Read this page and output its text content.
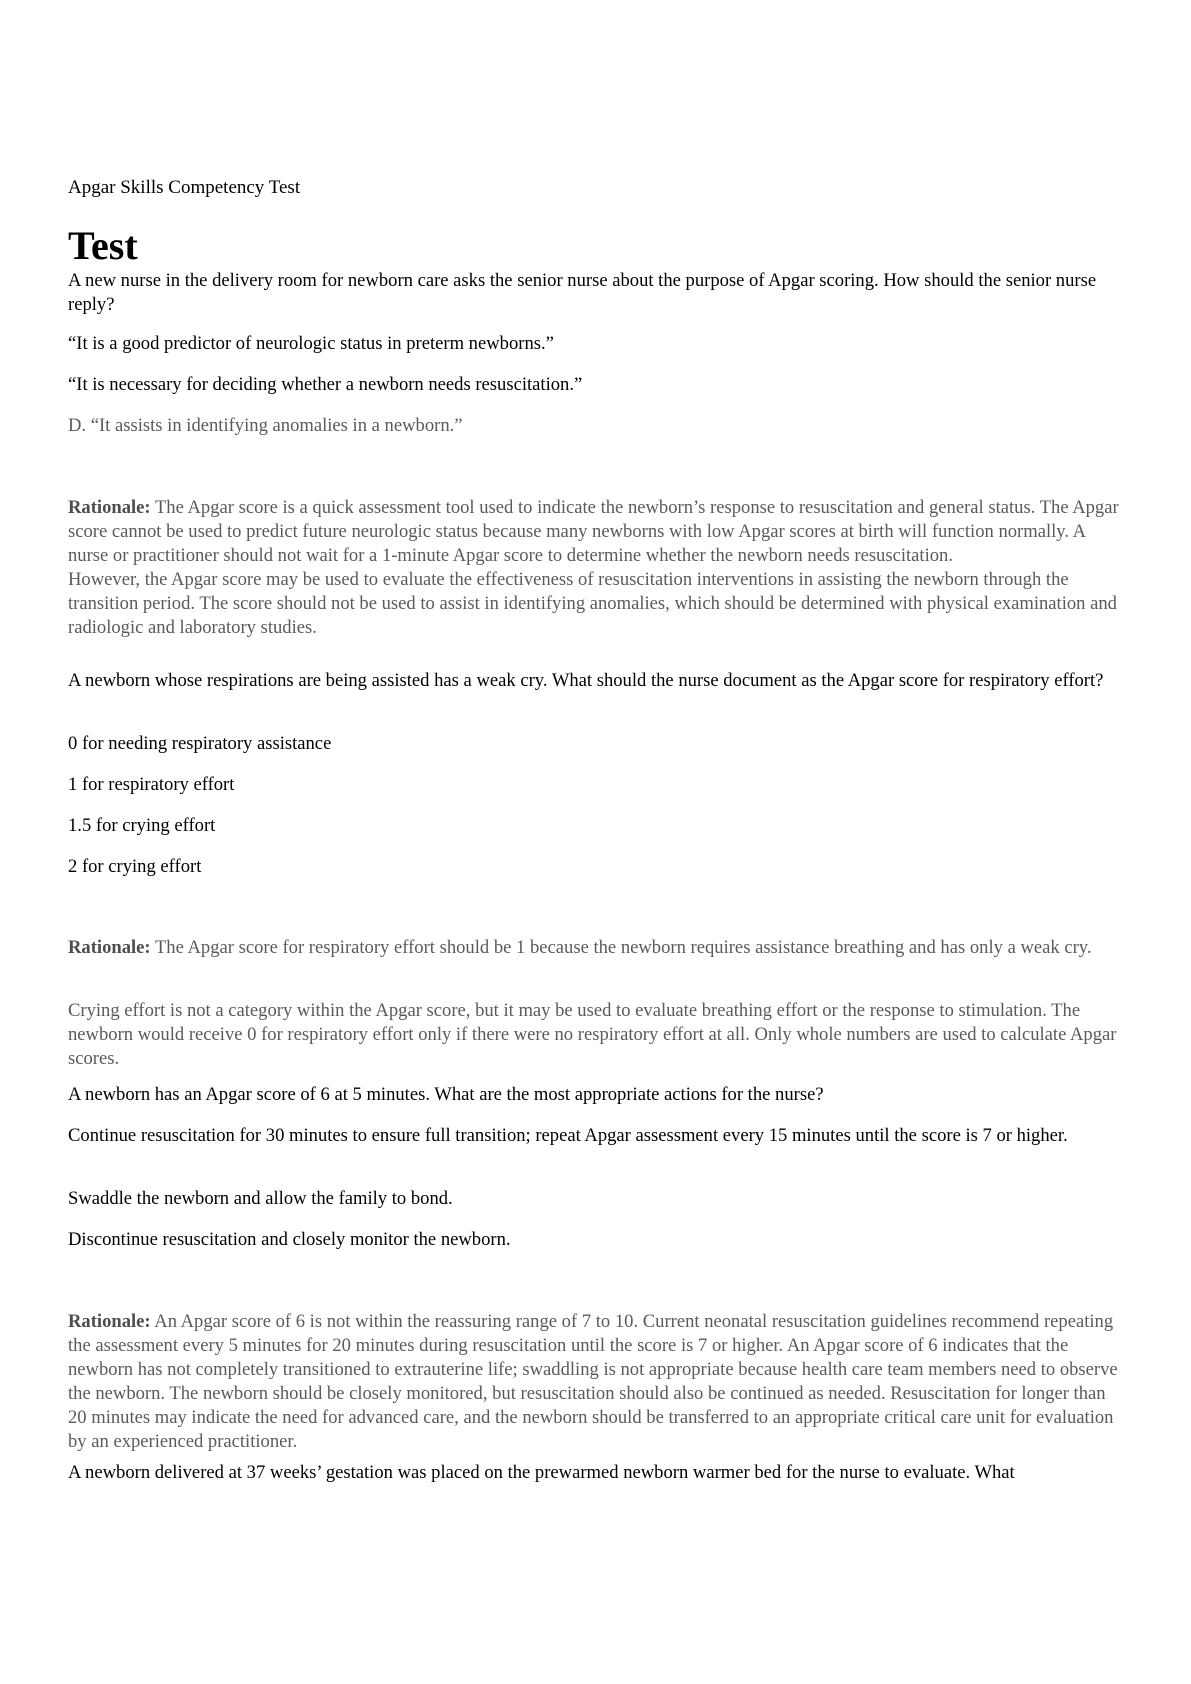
Apgar Skills Competency Test

Test

A new nurse in the delivery room for newborn care asks the senior nurse about the purpose of Apgar scoring. How should the senior nurse reply?

“It is a good predictor of neurologic status in preterm newborns.”

“It is necessary for deciding whether a newborn needs resuscitation.”

D. “It assists in identifying anomalies in a newborn.”

Rationale: The Apgar score is a quick assessment tool used to indicate the newborn’s response to resuscitation and general status. The Apgar score cannot be used to predict future neurologic status because many newborns with low Apgar scores at birth will function normally. A nurse or practitioner should not wait for a 1-minute Apgar score to determine whether the newborn needs resuscitation.
However, the Apgar score may be used to evaluate the effectiveness of resuscitation interventions in assisting the newborn through the transition period. The score should not be used to assist in identifying anomalies, which should be determined with physical examination and radiologic and laboratory studies.

A newborn whose respirations are being assisted has a weak cry. What should the nurse document as the Apgar score for respiratory effort?

0 for needing respiratory assistance

1 for respiratory effort

1.5 for crying effort

2 for crying effort

Rationale: The Apgar score for respiratory effort should be 1 because the newborn requires assistance breathing and has only a weak cry.

Crying effort is not a category within the Apgar score, but it may be used to evaluate breathing effort or the response to stimulation. The newborn would receive 0 for respiratory effort only if there were no respiratory effort at all. Only whole numbers are used to calculate Apgar scores.

A newborn has an Apgar score of 6 at 5 minutes. What are the most appropriate actions for the nurse?

Continue resuscitation for 30 minutes to ensure full transition; repeat Apgar assessment every 15 minutes until the score is 7 or higher.

Swaddle the newborn and allow the family to bond.

Discontinue resuscitation and closely monitor the newborn.

Rationale: An Apgar score of 6 is not within the reassuring range of 7 to 10. Current neonatal resuscitation guidelines recommend repeating the assessment every 5 minutes for 20 minutes during resuscitation until the score is 7 or higher. An Apgar score of 6 indicates that the newborn has not completely transitioned to extrauterine life; swaddling is not appropriate because health care team members need to observe the newborn. The newborn should be closely monitored, but resuscitation should also be continued as needed. Resuscitation for longer than 20 minutes may indicate the need for advanced care, and the newborn should be transferred to an appropriate critical care unit for evaluation by an experienced practitioner.

A newborn delivered at 37 weeks’ gestation was placed on the prewarmed newborn warmer bed for the nurse to evaluate. What
